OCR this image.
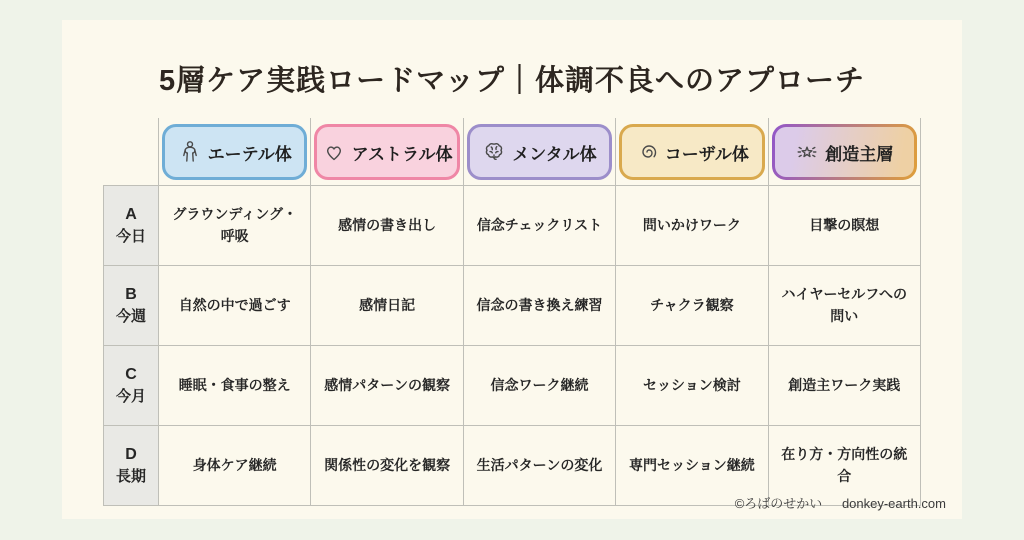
5層ケア実践ロードマップ｜体調不良へのアプローチ

	エーテル体	アストラル体	メンタル体	コーザル体	創造主層

A
今日	グラウンディング・呼吸	感情の書き出し	信念チェックリスト	問いかけワーク	目撃の瞑想

B
今週	自然の中で過ごす	感情日記	信念の書き換え練習	チャクラ観察	ハイヤーセルフへの問い

C
今月	睡眠・食事の整え	感情パターンの観察	信念ワーク継続	セッション検討	創造主ワーク実践

D
長期	身体ケア継続	関係性の変化を観察	生活パターンの変化	専門セッション継続	在り方・方向性の統合
©ろばのせかい donkey-earth.com
